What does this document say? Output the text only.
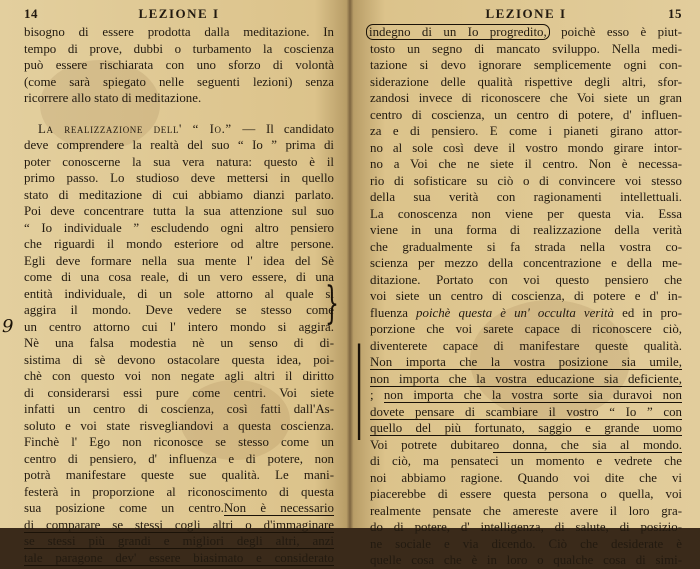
14	LEZIONE I
bisogno di essere prodotta dalla meditazione. In
tempo di prove, dubbi o turbamento la coscienza
può essere rischiarata con uno sforzo di volontà
(come sarà spiegato nelle seguenti lezioni) senza
ricorrere allo stato di meditazione.
La realizzazione dell' “ Io.” — Il candidato
deve comprendere la realtà del suo “ Io ” prima di
poter conoscerne la sua vera natura: questo è il
primo passo. Lo studioso deve mettersi in quello
stato di meditazione di cui abbiamo dianzi parlato.
Poi deve concentrare tutta la sua attenzione sul suo
“ Io individuale ” escludendo ogni altro pensiero
che riguardi il mondo esteriore od altre persone.
Egli deve formare nella sua mente l' idea del Sè
come di una cosa reale, di un vero essere, di una
entità individuale, di un sole attorno al quale si
aggira il mondo. Deve vedere se stesso come
un centro attorno cui l' intero mondo si aggira.
Nè una falsa modestia nè un senso di di-
sistima di sè devono ostacolare questa idea, poi-
chè con questo voi non negate agli altri il diritto
di considerarsi essi pure come centri. Voi siete
infatti un centro di coscienza, così fatti dall'As-
soluto e voi state risvegliandovi a questa coscienza.
Finchè l' Ego non riconosce se stesso come un
centro di pensiero, d' influenza e di potere, non
potrà manifestare queste sue qualità. Le mani-
festerà in proporzione al riconoscimento di questa
sua posizione come un centro.Non è necessario
di comparare se stessi cogli altri o d'immaginare
se stessi più grandi e migliori degli altri, anzi
tale paragone dev' essere biasimato e considerato
9	}
LEZIONE I	15
indegno di un Io progredito, poichè esso è piut-
tosto un segno di mancato sviluppo. Nella medi-
tazione si devo ignorare semplicemente ogni con-
siderazione delle qualità rispettive degli altri, sfor-
zandosi invece di riconoscere che Voi siete un gran
centro di coscienza, un centro di potere, d' influen-
za e di pensiero. E come i pianeti girano attor-
no al sole così deve il vostro mondo girare intor-
no a Voi che ne siete il centro. Non è necessa-
rio di sofisticare su ciò o di convincere voi stesso
della sua verità con ragionamenti intellettuali.
La conoscenza non viene per questa via. Essa
viene in una forma di realizzazione della verità
che gradualmente si fa strada nella vostra co-
scienza per mezzo della concentrazione e della me-
ditazione. Portato con voi questo pensiero che
voi siete un centro di coscienza, di potere e d' in-
fluenza poichè questa è un' occulta verità ed in pro-
porzione che voi sarete capace di riconoscere ciò,
diventerete capace di manifestare queste qualità.
Non importa che la vostra posizione sia umile,
non importa che la vostra educazione sia deficiente,
; non importa che la vostra sorte sia duravoi non
dovete pensare di scambiare il vostro “ Io ” con
quello del più fortunato, saggio e grande uomo
Voi potrete dubitareo donna, che sia al mondo.
di ciò, ma pensateci un momento e vedrete che
noi abbiamo ragione. Quando voi dite che vi
piacerebbe di essere questa persona o quella, voi
realmente pensate che amereste avere il loro gra-
do di potere, d' intelligenza, di salute, di posizio-
ne sociale e via dicendo. Ciò che desiderate è
quelle cosa che è in loro o qualche cosa di simi-
|
